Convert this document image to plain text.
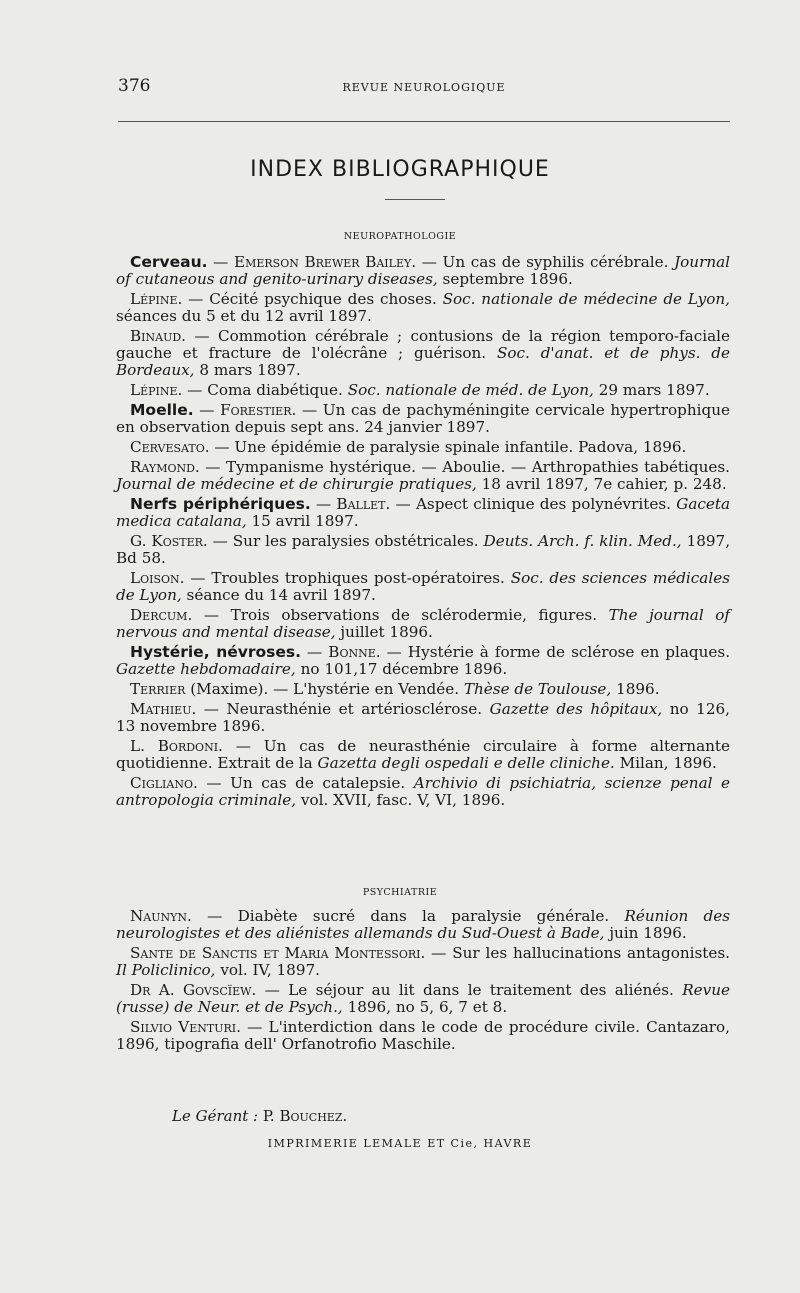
376	REVUE NEUROLOGIQUE
INDEX BIBLIOGRAPHIQUE
NEUROPATHOLOGIE

Cerveau. — Emerson Brewer Bailey. — Un cas de syphilis cérébrale. Journal of cutaneous and genito-urinary diseases, septembre 1896.

Lépine. — Cécité psychique des choses. Soc. nationale de médecine de Lyon, séances du 5 et du 12 avril 1897.

Binaud. — Commotion cérébrale ; contusions de la région temporo-faciale gauche et fracture de l'olécrâne ; guérison. Soc. d'anat. et de phys. de Bordeaux, 8 mars 1897.

Lépine. — Coma diabétique. Soc. nationale de méd. de Lyon, 29 mars 1897.

Moelle. — Forestier. — Un cas de pachyméningite cervicale hypertrophique en observation depuis sept ans. 24 janvier 1897.

Cervesato. — Une épidémie de paralysie spinale infantile. Padova, 1896.

Raymond. — Tympanisme hystérique. — Aboulie. — Arthropathies tabétiques. Journal de médecine et de chirurgie pratiques, 18 avril 1897, 7e cahier, p. 248.

Nerfs périphériques. — Ballet. — Aspect clinique des polynévrites. Gaceta medica catalana, 15 avril 1897.

G. Koster. — Sur les paralysies obstétricales. Deuts. Arch. f. klin. Med., 1897, Bd 58.

Loison. — Troubles trophiques post-opératoires. Soc. des sciences médicales de Lyon, séance du 14 avril 1897.

Dercum. — Trois observations de sclérodermie, figures. The journal of nervous and mental disease, juillet 1896.

Hystérie, névroses. — Bonne. — Hystérie à forme de sclérose en plaques. Gazette hebdomadaire, no 101,17 décembre 1896.

Terrier (Maxime). — L'hystérie en Vendée. Thèse de Toulouse, 1896.

Mathieu. — Neurasthénie et artériosclérose. Gazette des hôpitaux, no 126, 13 novembre 1896.

L. Bordoni. — Un cas de neurasthénie circulaire à forme alternante quotidienne. Extrait de la Gazetta degli ospedali e delle cliniche. Milan, 1896.

Cigliano. — Un cas de catalepsie. Archivio di psichiatria, scienze penal e antropologia criminale, vol. XVII, fasc. V, VI, 1896.

PSYCHIATRIE

Naunyn. — Diabète sucré dans la paralysie générale. Réunion des neurologistes et des aliénistes allemands du Sud-Ouest à Bade, juin 1896.

Sante de Sanctis et Maria Montessori. — Sur les hallucinations antagonistes. Il Policlinico, vol. IV, 1897.

Dr A. Govscïew. — Le séjour au lit dans le traitement des aliénés. Revue (russe) de Neur. et de Psych., 1896, no 5, 6, 7 et 8.

Silvio Venturi. — L'interdiction dans le code de procédure civile. Cantazaro, 1896, tipografia dell' Orfanotrofio Maschile.

Le Gérant : P. Bouchez.
IMPRIMERIE LEMALE ET Cie, HAVRE
